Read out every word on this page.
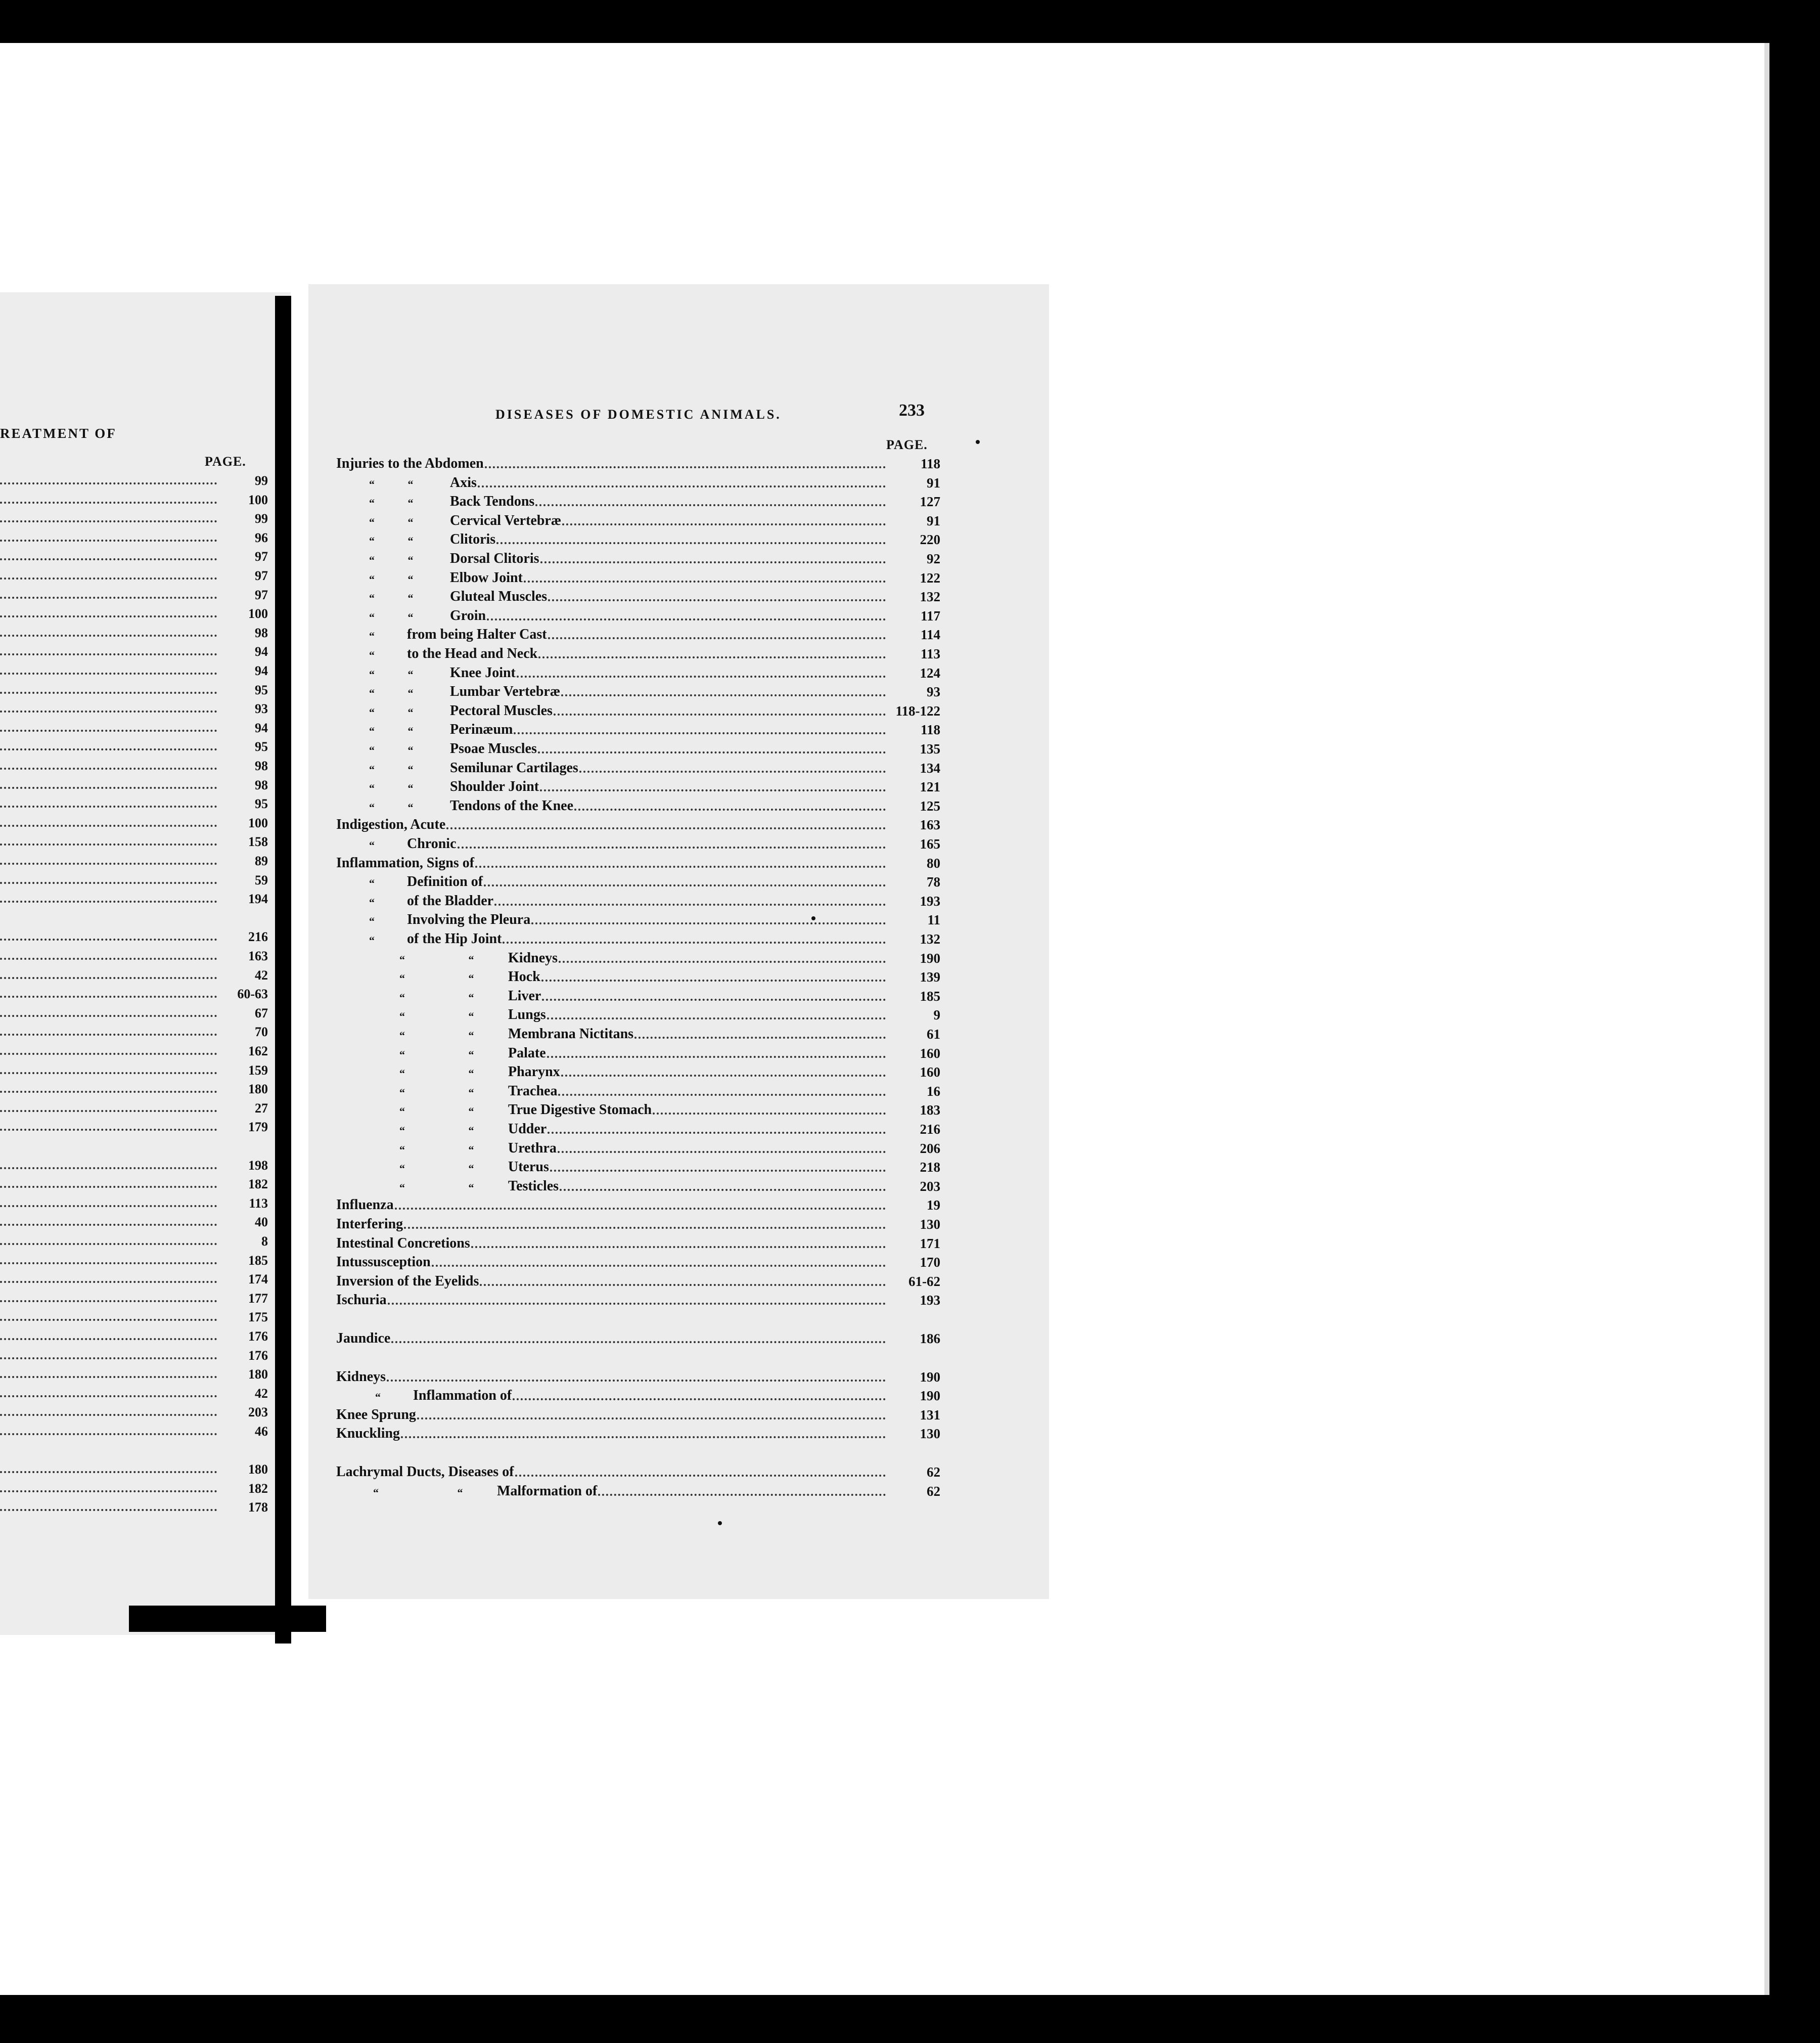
REATMENT OF
PAGE.
99
100
99
96
97
97
97
100
98
94
94
95
93
94
95
98
98
95
100
158
89
59
194
216
163
42
60-63
67
70
162
159
180
27
179
198
182
113
40
8
185
174
177
175
176
176
180
42
203
46
180
182
178
DISEASES OF DOMESTIC ANIMALS.	233
PAGE.
Injuries to the Abdomen	118
“ “	Axis	91
“ “	Back Tendons	127
“ “	Cervical Vertebræ	91
“ “	Clitoris	220
“ “	Dorsal Clitoris	92
“ “	Elbow Joint	122
“ “	Gluteal Muscles	132
“ “	Groin	117
“	from being Halter Cast	114
“	to the Head and Neck	113
“ “	Knee Joint	124
“ “	Lumbar Vertebræ	93
“ “	Pectoral Muscles	118-122
“ “	Perinæum	118
“ “	Psoae Muscles	135
“ “	Semilunar Cartilages	134
“ “	Shoulder Joint	121
“ “	Tendons of the Knee	125
Indigestion, Acute	163
“	Chronic	165
Inflammation, Signs of	80
“	Definition of	78
“	of the Bladder	193
“	Involving the Pleura	11
“	of the Hip Joint	132
“ “	Kidneys	190
“ “	Hock	139
“ “	Liver	185
“ “	Lungs	9
“ “	Membrana Nictitans	61
“ “	Palate	160
“ “	Pharynx	160
“ “	Trachea	16
“ “	True Digestive Stomach	183
“ “	Udder	216
“ “	Urethra	206
“ “	Uterus	218
“ “	Testicles	203
Influenza	19
Interfering	130
Intestinal Concretions	171
Intussusception	170
Inversion of the Eyelids	61-62
Ischuria	193
Jaundice	186
Kidneys	190
“	Inflammation of	190
Knee Sprung	131
Knuckling	130
Lachrymal Ducts, Diseases of	62
“ “	Malformation of	62
